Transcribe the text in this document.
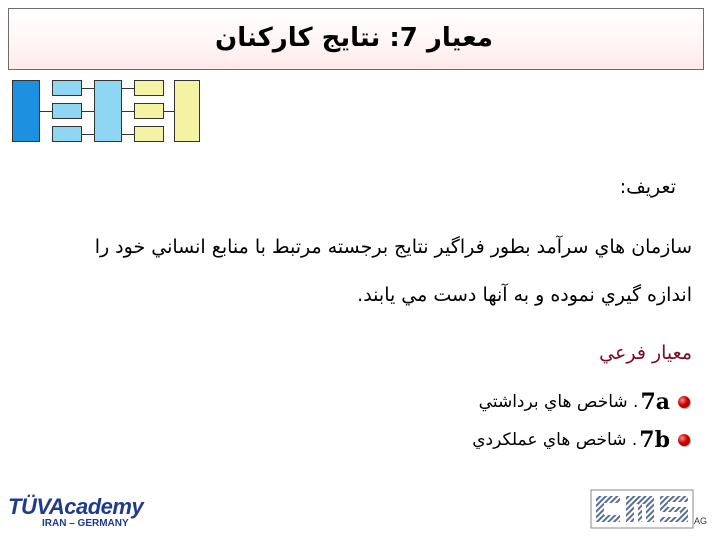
معيار 7: نتايج کارکنان
تعريف:
سازمان هاي سرآمد بطور فراگير نتايج برجسته مرتبط با منابع انساني خود را
اندازه گيري نموده و به آنها دست مي يابند.
معيار فرعي
7a
. شاخص هاي برداشتي
7b
. شاخص هاي عملکردي
TÜVAcademy
IRAN – GERMANY	AG
